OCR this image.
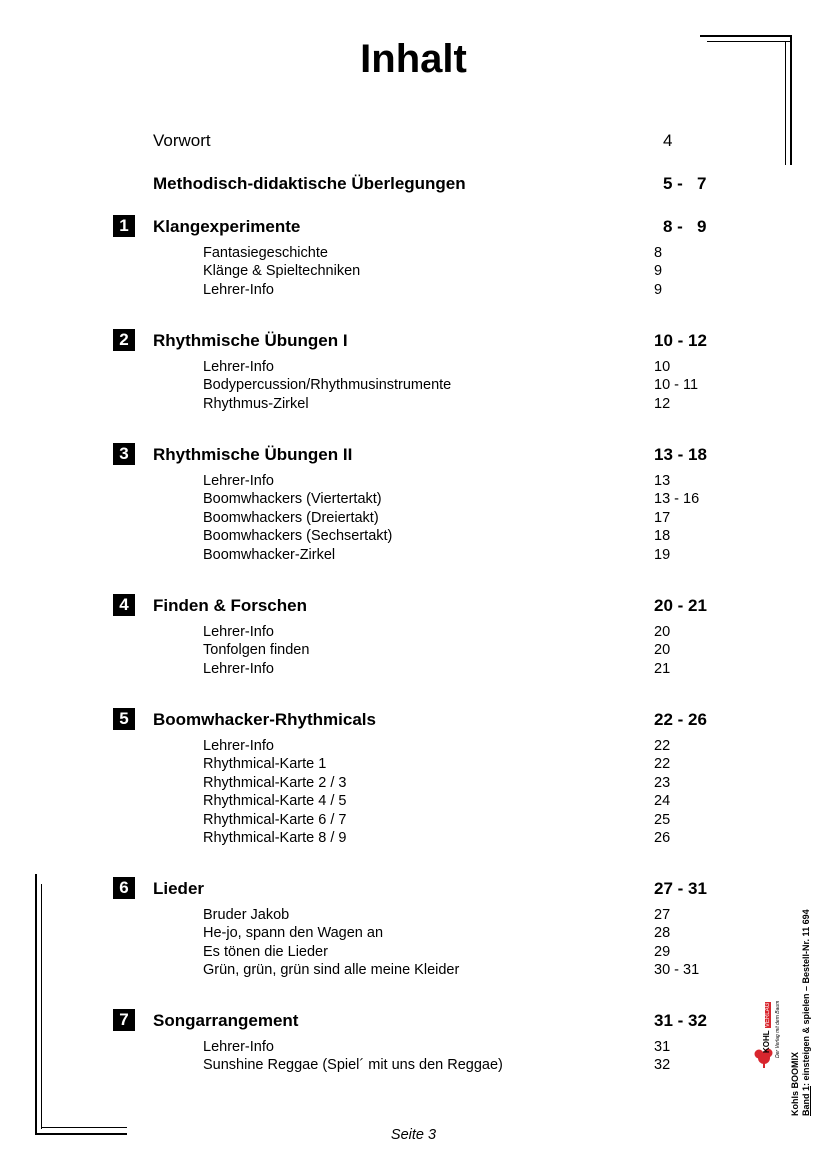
Inhalt
Vorwort	4
Methodisch-didaktische Überlegungen	5 -   7
1	Klangexperimente	8 -   9
Fantasiegeschichte	8
Klänge & Spieltechniken	9
Lehrer-Info	9
2	Rhythmische Übungen I	10 - 12
Lehrer-Info	10
Bodypercussion/Rhythmusinstrumente	10 - 11
Rhythmus-Zirkel	12
3	Rhythmische Übungen II	13 - 18
Lehrer-Info	13
Boomwhackers (Viertertakt)	13 - 16
Boomwhackers (Dreiertakt)	17
Boomwhackers (Sechsertakt)	18
Boomwhacker-Zirkel	19
4	Finden & Forschen	20 - 21
Lehrer-Info	20
Tonfolgen finden	20
Lehrer-Info	21
5	Boomwhacker-Rhythmicals	22 - 26
Lehrer-Info	22
Rhythmical-Karte 1	22
Rhythmical-Karte 2 / 3	23
Rhythmical-Karte 4 / 5	24
Rhythmical-Karte 6 / 7	25
Rhythmical-Karte 8 / 9	26
6	Lieder	27 - 31
Bruder Jakob	27
He-jo, spann den Wagen an	28
Es tönen die Lieder	29
Grün, grün, grün sind alle meine Kleider	30 - 31
7	Songarrangement	31 - 32
Lehrer-Info	31
Sunshine Reggae (Spiel´ mit uns den Reggae)	32
Seite 3
Kohls BOOMIX Band 1: einsteigen & spielen – Bestell-Nr. 11 694
KOHL VERLAG Der Verlag mit dem Baum
